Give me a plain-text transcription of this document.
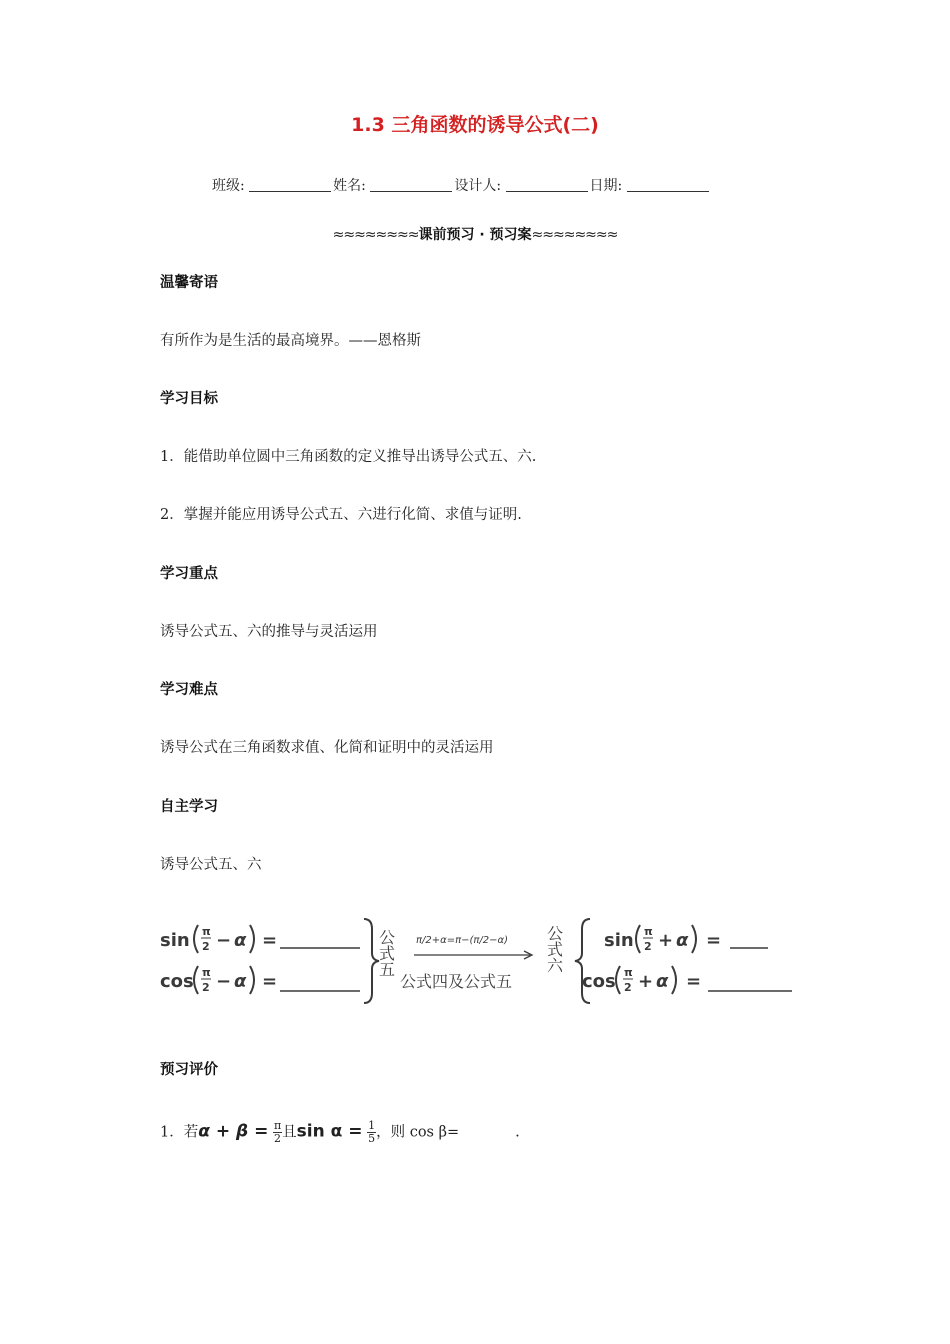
1.3 三角函数的诱导公式(二)
班级:	姓名:	设计人:	日期:
≈≈≈≈≈≈≈≈课前预习 · 预习案≈≈≈≈≈≈≈≈
温馨寄语
有所作为是生活的最高境界。——恩格斯
学习目标
1．能借助单位圆中三角函数的定义推导出诱导公式五、六.
2．掌握并能应用诱导公式五、六进行化简、求值与证明.
学习重点
诱导公式五、六的推导与灵活运用
学习难点
诱导公式在三角函数求值、化简和证明中的灵活运用
自主学习
诱导公式五、六
sin π
2 − α =
cos π
2 − α =
公式五 π/2+α=π−(π/2−α)
公式四及公式五
公式六 sin π
2 + α =
cos π
2 + α =
预习评价
1．若$\alpha + \beta = \frac{\pi}{2}$ 且$\sin \alpha = \frac{1}{5}$ ，则 cos β=	.
